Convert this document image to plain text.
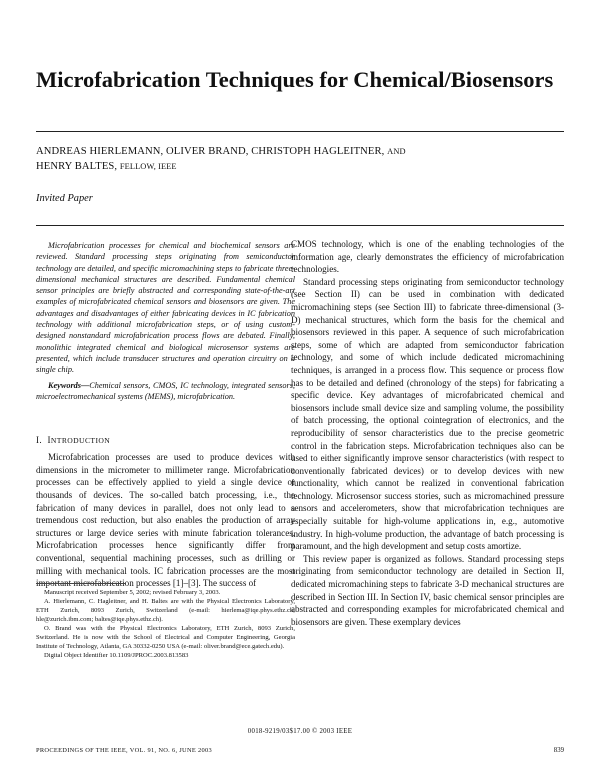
Microfabrication Techniques for Chemical/Biosensors

ANDREAS HIERLEMANN, OLIVER BRAND, CHRISTOPH HAGLEITNER, AND
HENRY BALTES, FELLOW, IEEE

Invited Paper

Microfabrication processes for chemical and biochemical sensors are reviewed. Standard processing steps originating from semiconductor technology are detailed, and specific micromachining steps to fabricate three-dimensional mechanical structures are described. Fundamental chemical sensor principles are briefly abstracted and corresponding state-of-the-art examples of microfabricated chemical sensors and biosensors are given. The advantages and disadvantages of either fabricating devices in IC fabrication technology with additional microfabrication steps, or of using custom-designed nonstandard microfabrication process flows are debated. Finally, monolithic integrated chemical and biological microsensor systems are presented, which include transducer structures and operation circuitry on a single chip.

Keywords—Chemical sensors, CMOS, IC technology, integrated sensors, microelectromechanical systems (MEMS), microfabrication.

I. INTRODUCTION

Microfabrication processes are used to produce devices with dimensions in the micrometer to millimeter range. Microfabrication processes can be effectively applied to yield a single device or thousands of devices. The so-called batch processing, i.e., the fabrication of many devices in parallel, does not only lead to a tremendous cost reduction, but also enables the production of array structures or large device series with minute fabrication tolerances. Microfabrication processes hence significantly differ from conventional, sequential machining processes, such as drilling or milling with mechanical tools. IC fabrication processes are the most important microfabrication processes [1]–[3]. The success of

Manuscript received September 5, 2002; revised February 3, 2003.

A. Hierlemann, C. Hagleitner, and H. Baltes are with the Physical Electronics Laboratory, ETH Zurich, 8093 Zurich, Switzerland (e-mail: hierlema@iqe.phys.ethz.ch; hle@zurich.ibm.com; baltes@iqe.phys.ethz.ch).

O. Brand was with the Physical Electronics Laboratory, ETH Zurich, 8093 Zurich, Switzerland. He is now with the School of Electrical and Computer Engineering, Georgia Institute of Technology, Atlanta, GA 30332-0250 USA (e-mail: oliver.brand@ece.gatech.edu).

Digital Object Identifier 10.1109/JPROC.2003.813583

CMOS technology, which is one of the enabling technologies of the information age, clearly demonstrates the efficiency of microfabrication technologies.

Standard processing steps originating from semiconductor technology (see Section II) can be used in combination with dedicated micromachining steps (see Section III) to fabricate three-dimensional (3-D) mechanical structures, which form the basis for the chemical and biosensors reviewed in this paper. A sequence of such microfabrication steps, some of which are adapted from semiconductor fabrication technology, and some of which include dedicated micromachining techniques, is arranged in a process flow. This sequence or process flow has to be detailed and defined (chronology of the steps) for fabricating a specific device. Key advantages of microfabricated chemical and biosensors include small device size and sampling volume, the possibility of batch processing, the optional cointegration of electronics, and the reproducibility of sensor characteristics due to the precise geometric control in the fabrication steps. Microfabrication techniques also can be used to either significantly improve sensor characteristics (with respect to conventionally fabricated devices) or to develop devices with new functionality, which cannot be realized in conventional fabrication technology. Microsensor success stories, such as micromachined pressure sensors and accelerometers, show that microfabrication techniques are especially suitable for high-volume applications in, e.g., automotive industry. In high-volume production, the advantage of batch processing is paramount, and the high development and setup costs amortize.

This review paper is organized as follows. Standard processing steps originating from semiconductor technology are detailed in Section II, dedicated micromachining steps to fabricate 3-D mechanical structures are described in Section III. In Section IV, basic chemical sensor principles are abstracted and corresponding examples for microfabricated chemical and biosensors are given. These exemplary devices

0018-9219/03$17.00 © 2003 IEEE
PROCEEDINGS OF THE IEEE, VOL. 91, NO. 6, JUNE 2003	839
